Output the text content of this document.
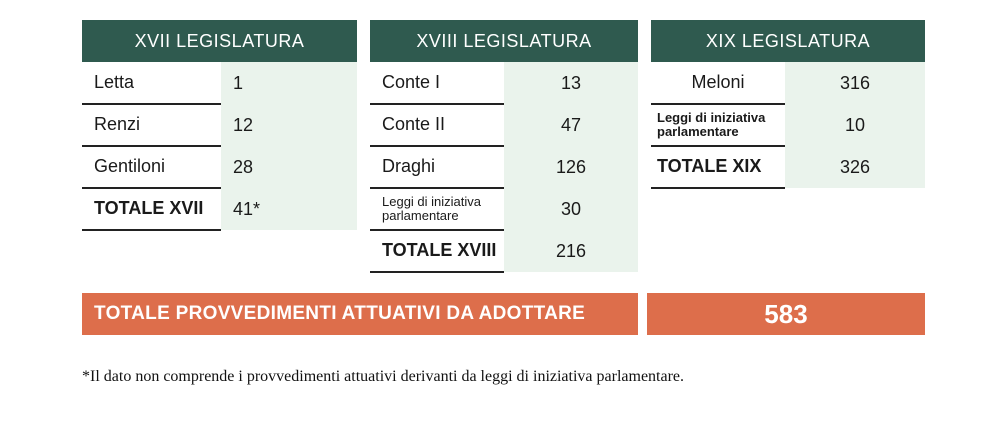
XVII LEGISLATURA
Letta	1
Renzi	12
Gentiloni	28
TOTALE XVII	41*
XVIII LEGISLATURA
Conte I	13
Conte II	47
Draghi	126
Leggi di iniziativa parlamentare	30
TOTALE XVIII	216
XIX LEGISLATURA
Meloni	316
Leggi di iniziativa parlamentare	10
TOTALE XIX	326
TOTALE PROVVEDIMENTI ATTUATIVI DA ADOTTARE	583
*Il dato non comprende i provvedimenti attuativi derivanti da leggi di iniziativa parlamentare.
